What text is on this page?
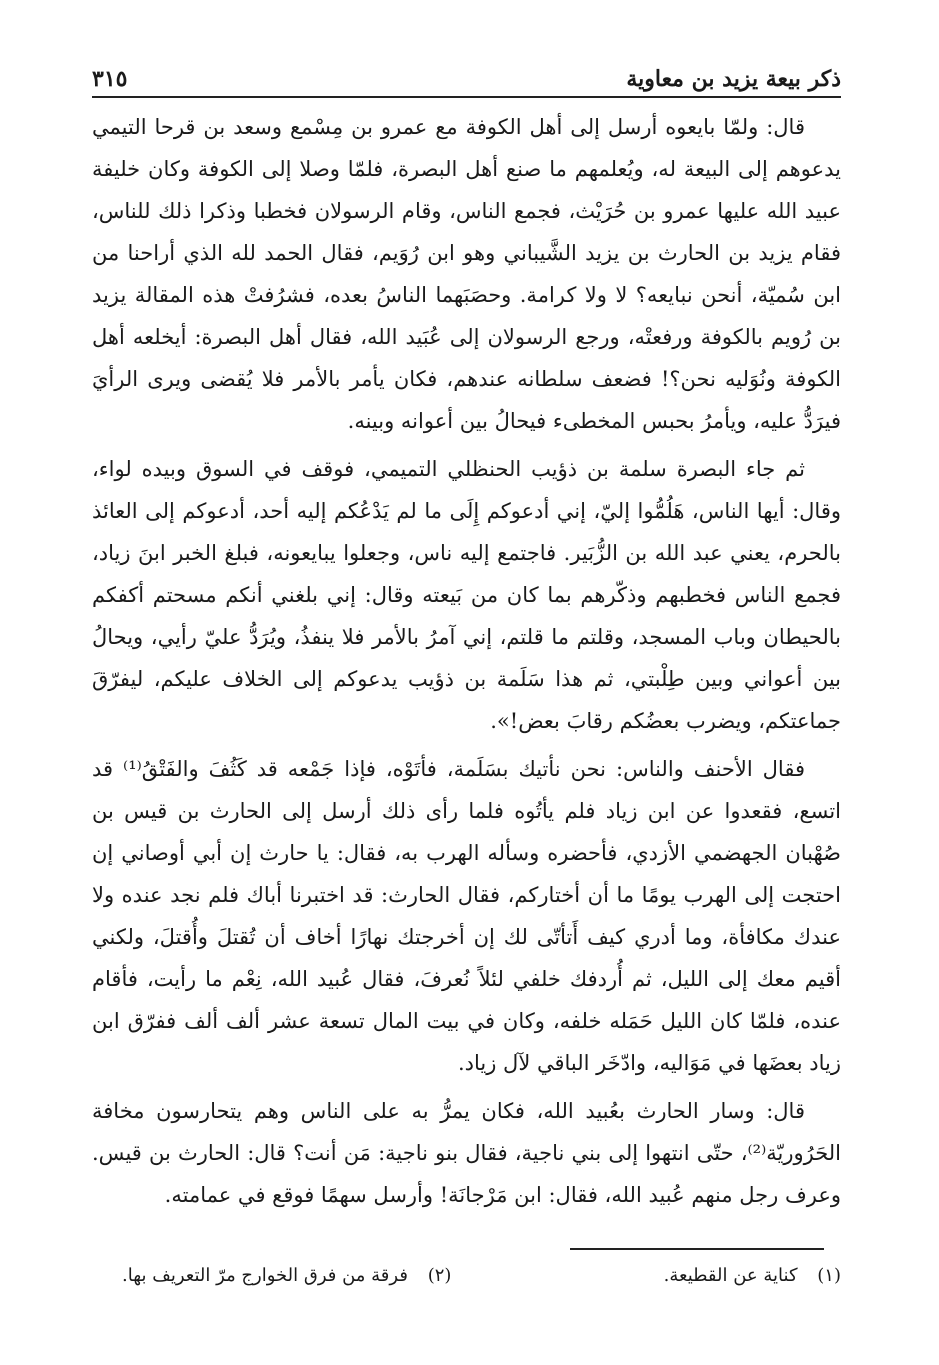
ذكر بيعة يزيد بن معاوية
٣١٥

قال: ولمّا بايعوه أرسل إلى أهل الكوفة مع عمرو بن مِسْمع وسعد بن قرحا التيمي يدعوهم إلى البيعة له، ويُعلمهم ما صنع أهل البصرة، فلمّا وصلا إلى الكوفة وكان خليفة عبيد الله عليها عمرو بن حُرَيْث، فجمع الناس، وقام الرسولان فخطبا وذكرا ذلك للناس، فقام يزيد بن الحارث بن يزيد الشَّيباني وهو ابن رُوَيم، فقال الحمد لله الذي أراحنا من ابن سُميّة، أنحن نبايعه؟ لا ولا كرامة. وحصَبَهما الناسُ بعده، فشرُفتْ هذه المقالة يزيد بن رُويم بالكوفة ورفعتْه، ورجع الرسولان إلى عُبَيد الله، فقال أهل البصرة: أيخلعه أهل الكوفة ونُوَليه نحن؟! فضعف سلطانه عندهم، فكان يأمر بالأمر فلا يُقضى ويرى الرأيَ فيرَدُّ عليه، ويأمرُ بحبس المخطىء فيحالُ بين أعوانه وبينه.

ثم جاء البصرة سلمة بن ذؤيب الحنظلي التميمي، فوقف في السوق وبيده لواء، وقال: أيها الناس، هَلُمُّوا إليّ، إني أدعوكم إِلَى ما لم يَدْعُكم إليه أحد، أدعوكم إلى العائذ بالحرم، يعني عبد الله بن الزُّبَير. فاجتمع إليه ناس، وجعلوا يبايعونه، فبلغ الخبر ابنَ زياد، فجمع الناس فخطبهم وذكّرهم بما كان من بَيعته وقال: إني بلغني أنكم مسحتم أكفكم بالحيطان وباب المسجد، وقلتم ما قلتم، إني آمرُ بالأمر فلا ينفذُ، ويُرَدُّ عليّ رأيي، ويحالُ بين أعواني وبين طِلْبتي، ثم هذا سَلَمة بن ذؤيب يدعوكم إلى الخلاف عليكم، ليفرّقَ جماعتكم، ويضرب بعضُكم رقابَ بعض!».

فقال الأحنف والناس: نحن نأتيك بسَلَمة، فأتَوْه، فإذا جَمْعه قد كَثُفَ والفَتْقُ⁽¹⁾ قد اتسع، فقعدوا عن ابن زياد فلم يأتُوه فلما رأى ذلك أرسل إلى الحارث بن قيس بن صُهْبان الجهضمي الأزدي، فأحضره وسأله الهرب به، فقال: يا حارث إن أبي أوصاني إن احتجت إلى الهرب يومًا ما أن أختاركم، فقال الحارث: قد اختبرنا أباك فلم نجد عنده ولا عندك مكافأة، وما أدري كيف أَتأتّى لك إن أخرجتك نهارًا أخاف أن تُقتلَ وأُقتلَ، ولكني أقيم معك إلى الليل، ثم أُردفك خلفي لئلاً نُعرفَ، فقال عُبيد الله، نِعْم ما رأيت، فأقام عنده، فلمّا كان الليل حَمَله خلفه، وكان في بيت المال تسعة عشر ألف ألف ففرّق ابن زياد بعضَها في مَوَاليه، وادّخَر الباقي لآل زياد.

قال: وسار الحارث بعُبيد الله، فكان يمرُّ به على الناس وهم يتحارسون مخافة الحَرُوريّة⁽²⁾، حتّى انتهوا إلى بني ناجية، فقال بنو ناجية: مَن أنت؟ قال: الحارث بن قيس. وعرف رجل منهم عُبيد الله، فقال: ابن مَرْجانَة! وأرسل سهمًا فوقع في عمامته.

(١) كناية عن القطيعة.
(٢) فرقة من فرق الخوارج مرّ التعريف بها.
